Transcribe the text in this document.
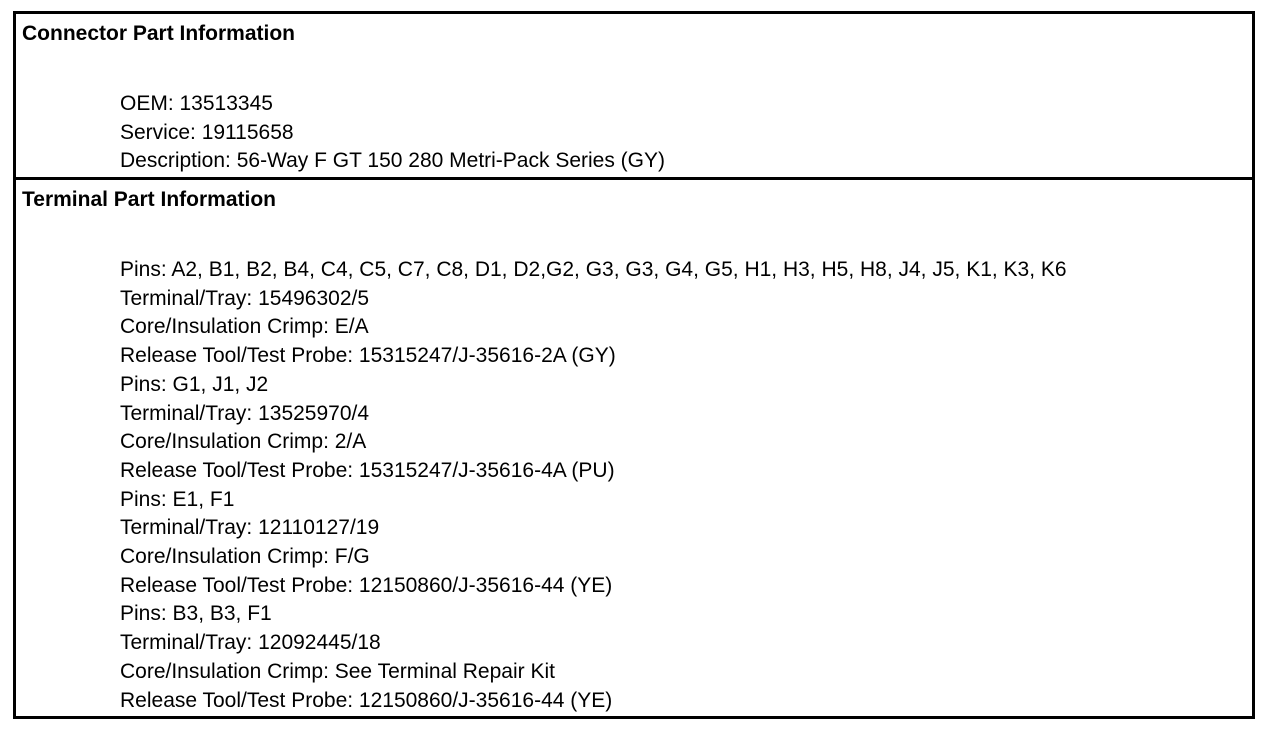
Connector Part Information
OEM: 13513345
Service: 19115658
Description: 56-Way F GT 150 280 Metri-Pack Series (GY)
Terminal Part Information
Pins: A2, B1, B2, B4, C4, C5, C7, C8, D1, D2,G2, G3, G3, G4, G5, H1, H3, H5, H8, J4, J5, K1, K3, K6
Terminal/Tray: 15496302/5
Core/Insulation Crimp: E/A
Release Tool/Test Probe: 15315247/J-35616-2A (GY)
Pins: G1, J1, J2
Terminal/Tray: 13525970/4
Core/Insulation Crimp: 2/A
Release Tool/Test Probe: 15315247/J-35616-4A (PU)
Pins: E1, F1
Terminal/Tray: 12110127/19
Core/Insulation Crimp: F/G
Release Tool/Test Probe: 12150860/J-35616-44 (YE)
Pins: B3, B3, F1
Terminal/Tray: 12092445/18
Core/Insulation Crimp: See Terminal Repair Kit
Release Tool/Test Probe: 12150860/J-35616-44 (YE)
